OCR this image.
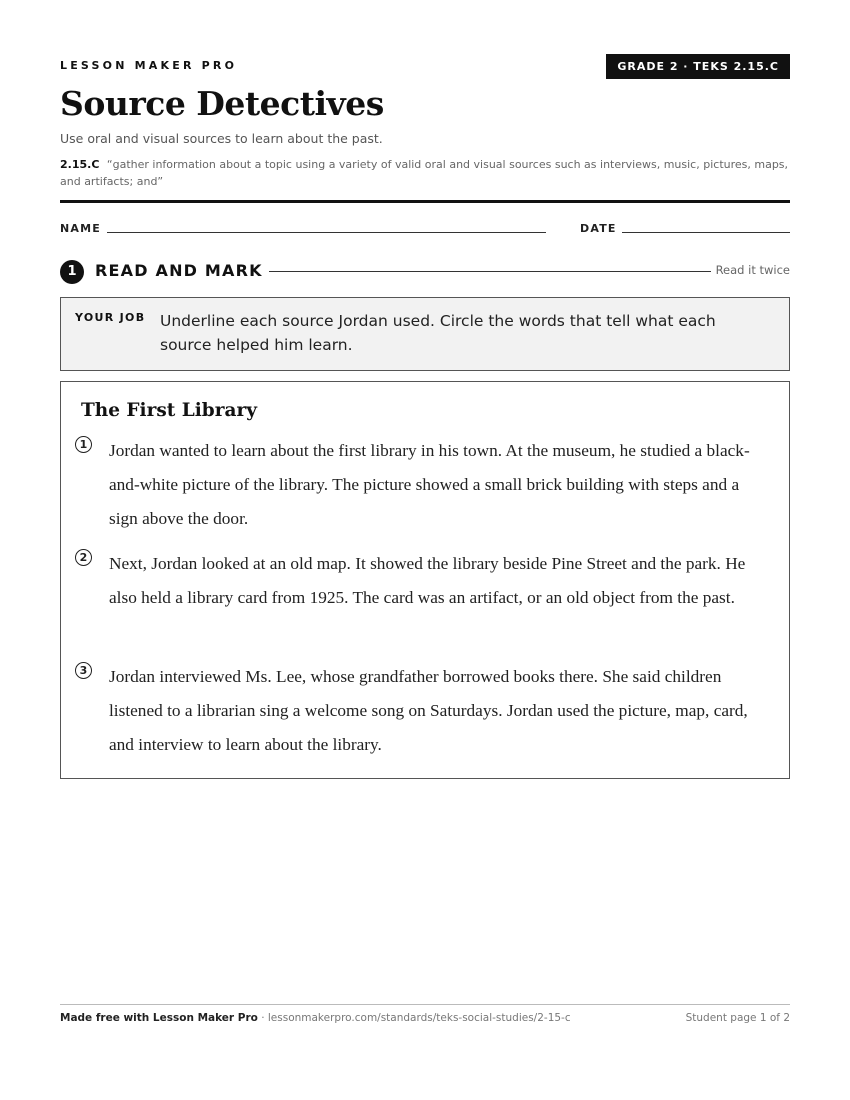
LESSON MAKER PRO	GRADE 2 · TEKS 2.15.C
Source Detectives
Use oral and visual sources to learn about the past.
2.15.C “gather information about a topic using a variety of valid oral and visual sources such as interviews, music, pictures, maps, and artifacts; and”
NAME	DATE
1	READ AND MARK	Read it twice
YOUR JOB Underline each source Jordan used. Circle the words that tell what each source helped him learn.
The First Library
1 Jordan wanted to learn about the first library in his town. At the museum, he studied a black-and-white picture of the library. The picture showed a small brick building with steps and a sign above the door.

2 Next, Jordan looked at an old map. It showed the library beside Pine Street and the park. He also held a library card from 1925. The card was an artifact, or an old object from the past.

3 Jordan interviewed Ms. Lee, whose grandfather borrowed books there. She said children listened to a librarian sing a welcome song on Saturdays. Jordan used the picture, map, card, and interview to learn about the library.

Made free with Lesson Maker Pro · lessonmakerpro.com/standards/teks-social-studies/2-15-c	Student page 1 of 2
